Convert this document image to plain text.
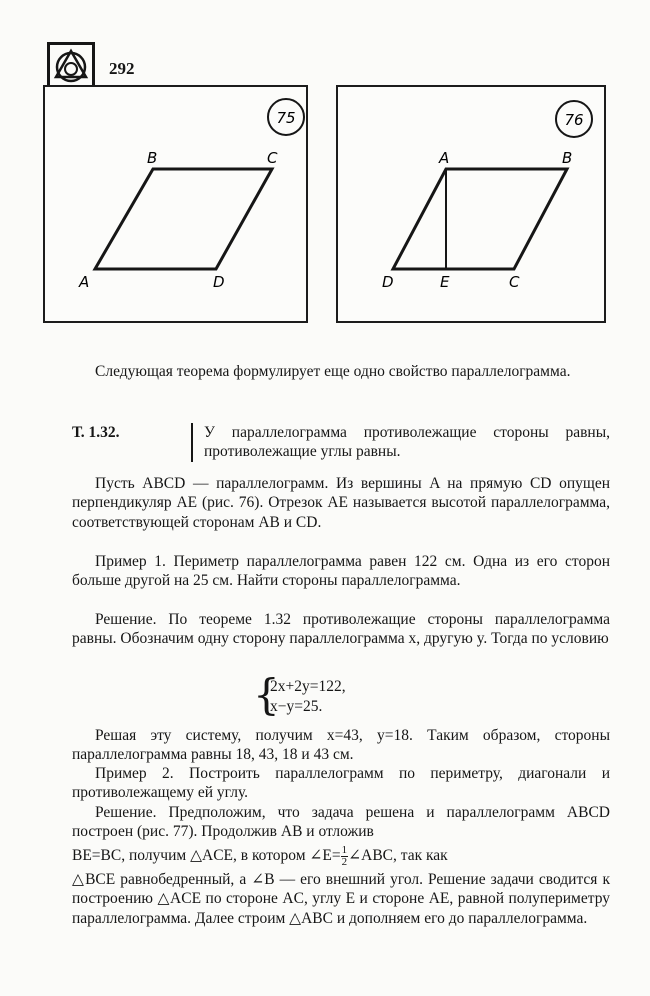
292
75
B	C
A	D
76
A	B
D	E	C
Следующая теорема формулирует еще одно свойство параллелограмма.
Т. 1.32.	У параллелограмма противолежащие стороны равны, противолежащие углы равны.
Пусть ABCD — параллелограмм. Из вершины A на прямую CD опущен перпендикуляр AE (рис. 76). Отрезок AE называется высотой параллелограмма, соответствующей сторонам AB и CD.
Пример 1. Периметр параллелограмма равен 122 см. Одна из его сторон больше другой на 25 см. Найти стороны параллелограмма.
Решение. По теореме 1.32 противолежащие стороны параллелограмма равны. Обозначим одну сторону параллелограмма x, другую y. Тогда по условию
{
2x+2y=122,
x−y=25.
Решая эту систему, получим x=43, y=18. Таким образом, стороны параллелограмма равны 18, 43, 18 и 43 см.
Пример 2. Построить параллелограмм по периметру, диагонали и противолежащему ей углу.
Решение. Предположим, что задача решена и параллелограмм ABCD построен (рис. 77). Продолжив AB и отложив
BE=BC, получим △ACE, в котором ∠E= $\frac{1}{2}$ ∠ABC, так как
△BCE равнобедренный, а ∠B — его внешний угол. Решение задачи сводится к построению △ACE по стороне AC, углу E и стороне AE, равной полупериметру параллелограмма. Далее строим △ABC и дополняем его до параллелограмма.
